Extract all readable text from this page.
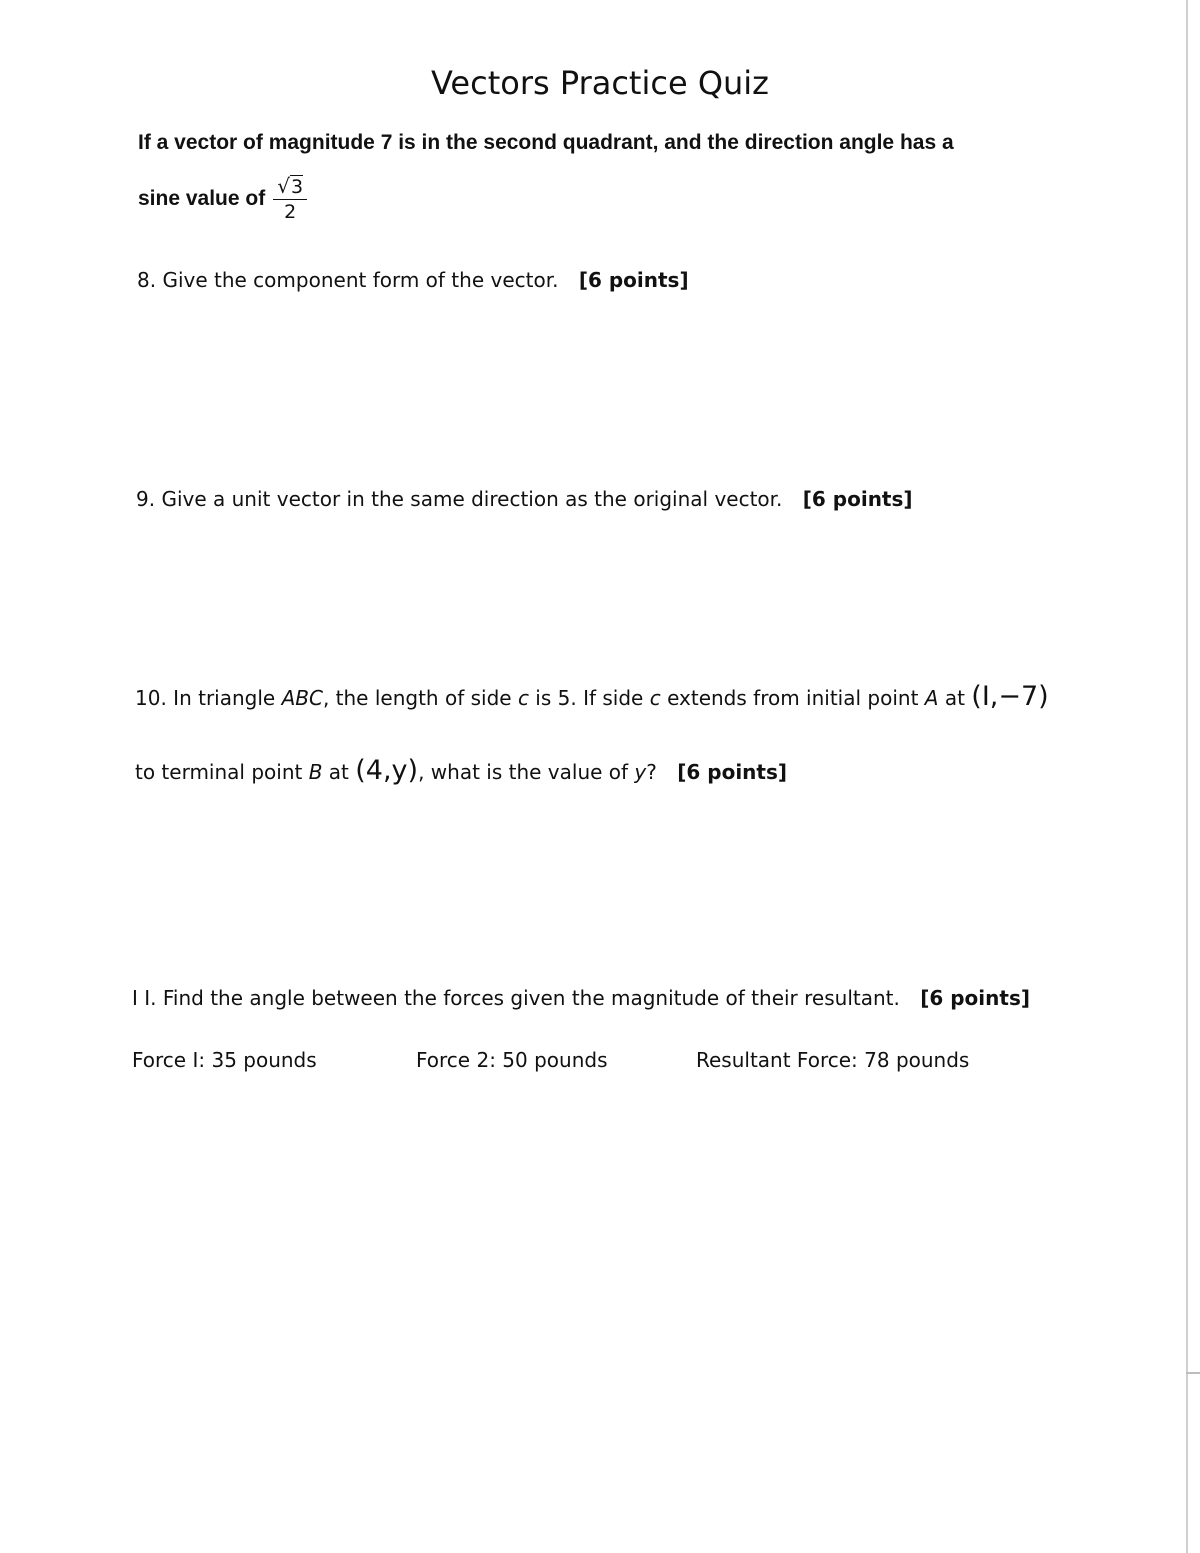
Vectors Practice Quiz
If a vector of magnitude 7 is in the second quadrant, and the direction angle has a
sine value of $\frac{√3}{2}$
8. Give the component form of the vector. [6 points]
9. Give a unit vector in the same direction as the original vector. [6 points]
10. In triangle ABC, the length of side c is 5. If side c extends from initial point A at (I,−7)
to terminal point B at (4,y), what is the value of y? [6 points]
I I. Find the angle between the forces given the magnitude of their resultant. [6 points]
Force I: 35 pounds	Force 2: 50 pounds	Resultant Force: 78 pounds
